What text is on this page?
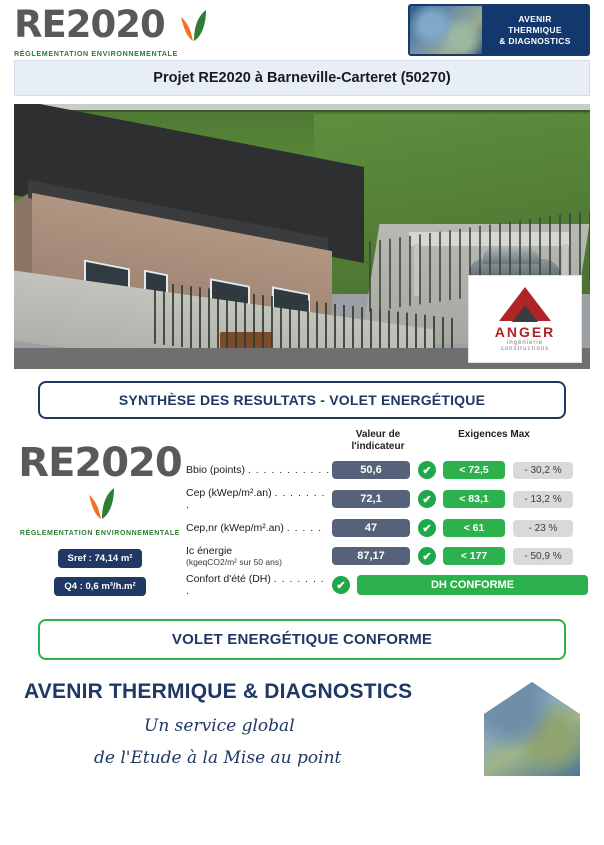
RE2020
RÉGLEMENTATION ENVIRONNEMENTALE
AVENIR
THERMIQUE
& DIAGNOSTICS
Projet RE2020 à Barneville-Carteret (50270)
ANGER
ingénierie
constructions
SYNTHÈSE DES RESULTATS - VOLET ENERGÉTIQUE
RE2020
RÉGLEMENTATION ENVIRONNEMENTALE
Sref : 74,14 m²
Q4 : 0,6 m³/h.m²
Valeur de
l'indicateur
Exigences Max
Bbio (points) . . . . . . . . . . .	50,6	✔	< 72,5	- 30,2 %
Cep (kWep/m².an) . . . . . . . .	72,1	✔	< 83,1	- 13,2 %
Cep,nr (kWep/m².an) . . . . .	47	✔	< 61	- 23 %
Ic énergie
(kgeqCO2/m² sur 50 ans)	87,17	✔	< 177	- 50,9 %
Confort d'été (DH) . . . . . . . .	✔	DH CONFORME
VOLET ENERGÉTIQUE CONFORME
AVENIR THERMIQUE & DIAGNOSTICS
Un service global
de l'Etude à la Mise au point
